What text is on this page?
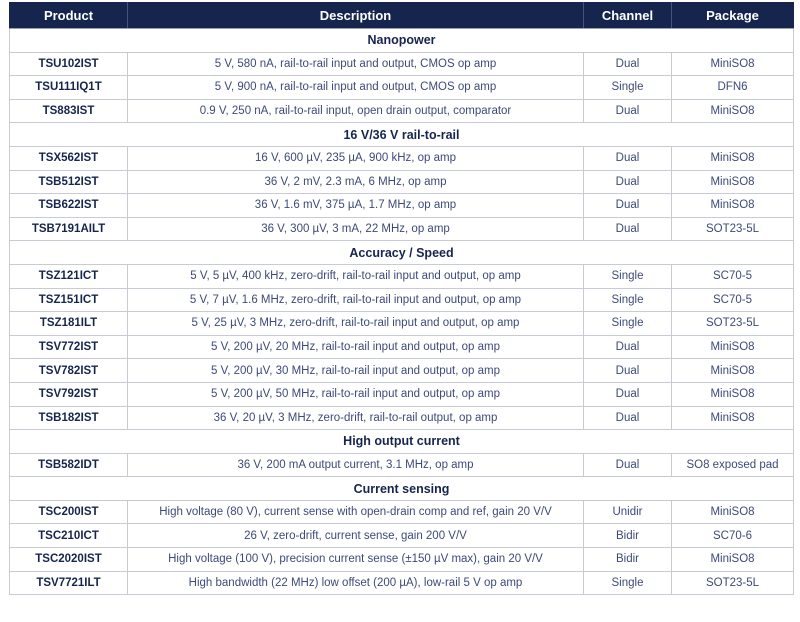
Product	Description	Channel	Package
Nanopower			
TSU102IST	5 V, 580 nA, rail-to-rail input and output, CMOS op amp	Dual	MiniSO8
TSU111IQ1T	5 V, 900 nA, rail-to-rail input and output, CMOS op amp	Single	DFN6
TS883IST	0.9 V, 250 nA, rail-to-rail input, open drain output, comparator	Dual	MiniSO8
16 V/36 V rail-to-rail			
TSX562IST	16 V, 600 µV, 235 µA, 900 kHz, op amp	Dual	MiniSO8
TSB512IST	36 V, 2 mV, 2.3 mA, 6 MHz, op amp	Dual	MiniSO8
TSB622IST	36 V, 1.6 mV, 375 µA, 1.7 MHz, op amp	Dual	MiniSO8
TSB7191AILT	36 V, 300 µV, 3 mA, 22 MHz, op amp	Dual	SOT23-5L
Accuracy / Speed			
TSZ121ICT	5 V, 5 µV, 400 kHz, zero-drift, rail-to-rail input and output, op amp	Single	SC70-5
TSZ151ICT	5 V, 7 µV, 1.6 MHz, zero-drift, rail-to-rail input and output, op amp	Single	SC70-5
TSZ181ILT	5 V, 25 µV, 3 MHz, zero-drift, rail-to-rail input and output, op amp	Single	SOT23-5L
TSV772IST	5 V, 200 µV, 20 MHz, rail-to-rail input and output, op amp	Dual	MiniSO8
TSV782IST	5 V, 200 µV, 30 MHz, rail-to-rail input and output, op amp	Dual	MiniSO8
TSV792IST	5 V, 200 µV, 50 MHz, rail-to-rail input and output, op amp	Dual	MiniSO8
TSB182IST	36 V, 20 µV, 3 MHz, zero-drift, rail-to-rail output, op amp	Dual	MiniSO8
High output current			
TSB582IDT	36 V, 200 mA output current, 3.1 MHz, op amp	Dual	SO8 exposed pad
Current sensing			
TSC200IST	High voltage (80 V), current sense with open-drain comp and ref, gain 20 V/V	Unidir	MiniSO8
TSC210ICT	26 V, zero-drift, current sense, gain 200 V/V	Bidir	SC70-6
TSC2020IST	High voltage (100 V), precision current sense (±150 µV max), gain 20 V/V	Bidir	MiniSO8
TSV7721ILT	High bandwidth (22 MHz) low offset (200 µA), low-rail 5 V op amp	Single	SOT23-5L
